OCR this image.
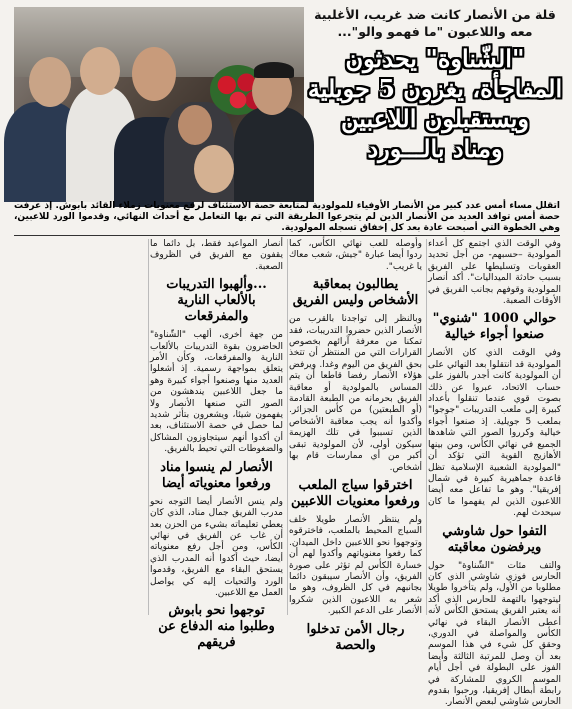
قلة من الأنصار كانت ضد غريب، الأغلبية معه واللاعبون "ما فهمو والو"...

"الشّناوة" يحدثون

المفاجأة، يغزون 5 جويلية

ويستقبلون اللاعبين

ومناد بالـــورد

اتقلل مساء أمس عدد كبير من الأنصار الأوفياء للمولودية لمتابعة حصة الاستئناف لرفع معنويات زملاء القائد بابوش. إذ عرفت حصة أمس توافد العديد من الأنصار الذين لم يتجرعوا الطريقة التي تم بها التعامل مع أحداث النهائي، وقدموا الورد للاعبين، وهي الخطوة التي أصبحت عادة بعد كل إخفاق تسجله المولودية.

وفي الوقت الذي اجتمع كل أعداء المولودية –حسبهم- من أجل تحديد العقوبات وتسليطها على الفريق بسبب حادثة الميداليات". أكد أنصار المولودية وقوفهم بجانب الفريق في الأوقات الصعبة.

حوالي 1000 "شنوي" صنعوا أجواء خيالية

وفي الوقت الذي كان الأنصار المولودية قد انتقلوا بعد النهائي على أن المولودية كانت أجدر بالفوز على حساب الاتحاد، عبروا عن ذلك بصوت قوي عندما تنقلوا بأعداد كبيرة إلى ملعب التدريبات "جوجوا" بملعب 5 جويلية. إذ صنعوا أجواء خيالية وكرروا الصور التي شاهدها الجميع في نهائي الكأس، ومن بينها الأهازيج القوية التي تؤكد أن "المولودية الشعبية الإسلامية تظل قاعدة جماهيرية كبيرة في شمال إفريقيا". وهو ما تفاعل معه أيضا اللاعبون الذين لم يفهموا ما كان سيحدث لهم.

التفوا حول شاوشي ويرفضون معاقبته

والتف مئات "الشّناوة" حول الحارس فوزي شاوشي الذي كان مطلوبا من الأول، ولم يتأخروا طويلا ليتوجهوا بالتهمة للحارس الذي أكد أنه يعتبر الفريق يستحق الكأس لأنه أعطى الأنصار البقاء في نهائي الكأس والمواصلة في الدوري، وحقق كل شيء في هذا الموسم بعد أن وصل للمرتبة الثالثة وأيضا الفوز على البطولة في أجل أيام الموسم الكروي للمشاركة في رابطة أبطال إفريقيا، ورحبوا بقدوم الحارس شاوشي لبعض الأنصار.

وأوصله للعب نهائي الكأس، كما ردوا أيضا عبارة "جيش، شعب معاك يا غريب".

يطالبون بمعاقبة الأشخاص وليس الفريق

وبالنظر إلى تواجدنا بالقرب من الأنصار الذين حضروا التدريبات، فقد تمكنا من معرفة آرائهم بخصوص القرارات التي من المنتظر أن تتخذ بحق الفريق من اليوم وغدا. ويرفض هؤلاء الأنصار رفضا قاطعا أن يتم المساس بالمولودية أو معاقبة الفريق بحرمانه من الطبعة القادمة (أو الطبعتين) من كأس الجزائر. وأكدوا أنه يجب معاقبة الأشخاص الذين تسببوا في تلك الهزيمة سيكون أولى، لأن المولودية تبقى أكبر من أي ممارسات قام بها أشخاص.

اخترقوا سياج الملعب ورفعوا معنويات اللاعبين

ولم ينتظر الأنصار طويلا خلف السياج المحيط بالملعب، فاخترقوه وتوجهوا نحو اللاعبين داخل الميدان. كما رفعوا معنوياتهم وأكدوا لهم أن خسارة الكأس لم تؤثر على صورة الفريق، وأن الأنصار سيبقون دائما بجانبهم في كل الظروف، وهو ما شعر به اللاعبون الذين شكروا الأنصار على الدعم الكبير.

رجال الأمن تدخلوا والحصة

أنصار المواعيد فقط، بل دائما ما يقفون مع الفريق في الظروف الصعبة.

...وألهبوا التدريبات بالألعاب النارية والمفرقعات

من جهة أخرى، ألهب "الشّناوة" الحاضرون بقوة التدريبات بالألعاب النارية والمفرقعات، وكأن الأمر يتعلق بمواجهة رسمية. إذ أشعلوا العديد منها وصنعوا أجواء كبيرة وهو ما جعل اللاعبين يندهشون من الصور التي صنعها الأنصار ولا يفهمون شيئا، ويشعرون بتأثر شديد لما حصل في حصة الاستئناف، بعد أن أكدوا أنهم سيتجاوزون المشاكل والضغوطات التي تحيط بالفريق.

الأنصار لم ينسوا مناد ورفعوا معنوياته أيضا

ولم ينس الأنصار أيضا التوجه نحو مدرب الفريق جمال مناد، الذي كان يعطي تعليماته بشيء من الحزن بعد أن غاب عن الفريق في نهائي الكأس، ومن أجل رفع معنوياته أيضا، حيث أكدوا أنه المدرب الذي يستحق البقاء مع الفريق، وقدموا الورد والتحيات إليه كي يواصل العمل مع اللاعبين.

توجهوا نحو بابوش وطلبوا منه الدفاع عن فريقهم
